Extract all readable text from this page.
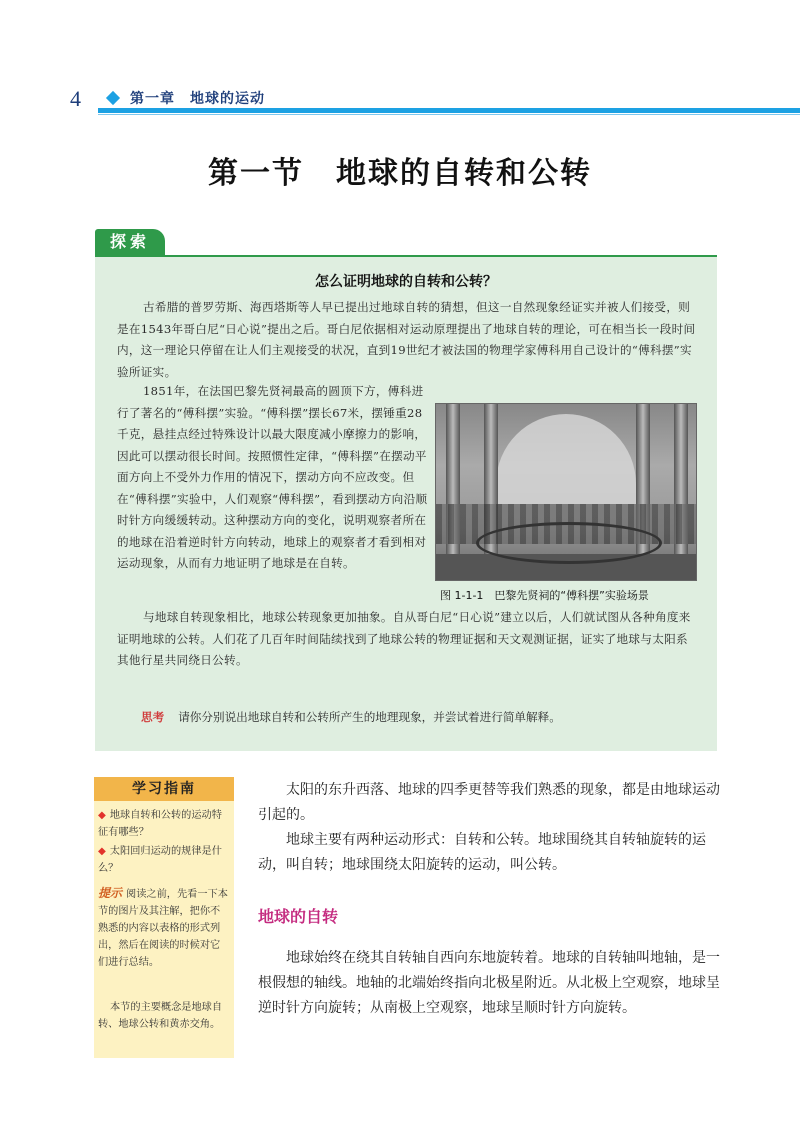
4	第一章　地球的运动
第一节　地球的自转和公转
探索
怎么证明地球的自转和公转？
古希腊的普罗劳斯、海西塔斯等人早已提出过地球自转的猜想，但这一自然现象经证实并被人们接受，则是在1543年哥白尼“日心说”提出之后。哥白尼依据相对运动原理提出了地球自转的理论，可在相当长一段时间内，这一理论只停留在让人们主观接受的状况，直到19世纪才被法国的物理学家傅科用自己设计的“傅科摆”实验所证实。
1851年，在法国巴黎先贤祠最高的圆顶下方，傅科进行了著名的“傅科摆”实验。“傅科摆”摆长67米，摆锤重28千克，悬挂点经过特殊设计以最大限度减小摩擦力的影响，因此可以摆动很长时间。按照惯性定律，“傅科摆”在摆动平面方向上不受外力作用的情况下，摆动方向不应改变。但在“傅科摆”实验中，人们观察“傅科摆”，看到摆动方向沿顺时针方向缓缓转动。这种摆动方向的变化，说明观察者所在的地球在沿着逆时针方向转动，地球上的观察者才看到相对运动现象，从而有力地证明了地球是在自转。
图 1-1-1　巴黎先贤祠的“傅科摆”实验场景
与地球自转现象相比，地球公转现象更加抽象。自从哥白尼“日心说”建立以后，人们就试图从各种角度来证明地球的公转。人们花了几百年时间陆续找到了地球公转的物理证据和天文观测证据，证实了地球与太阳系其他行星共同绕日公转。
思考 请你分别说出地球自转和公转所产生的地理现象，并尝试着进行简单解释。
学习指南
◆ 地球自转和公转的运动特征有哪些？
◆ 太阳回归运动的规律是什么？
提示 阅读之前，先看一下本节的图片及其注解，把你不熟悉的内容以表格的形式列出，然后在阅读的时候对它们进行总结。
本节的主要概念是地球自转、地球公转和黄赤交角。
太阳的东升西落、地球的四季更替等我们熟悉的现象，都是由地球运动引起的。
地球主要有两种运动形式：自转和公转。地球围绕其自转轴旋转的运动，叫自转；地球围绕太阳旋转的运动，叫公转。
地球的自转
地球始终在绕其自转轴自西向东地旋转着。地球的自转轴叫地轴，是一根假想的轴线。地轴的北端始终指向北极星附近。从北极上空观察，地球呈逆时针方向旋转；从南极上空观察，地球呈顺时针方向旋转。
